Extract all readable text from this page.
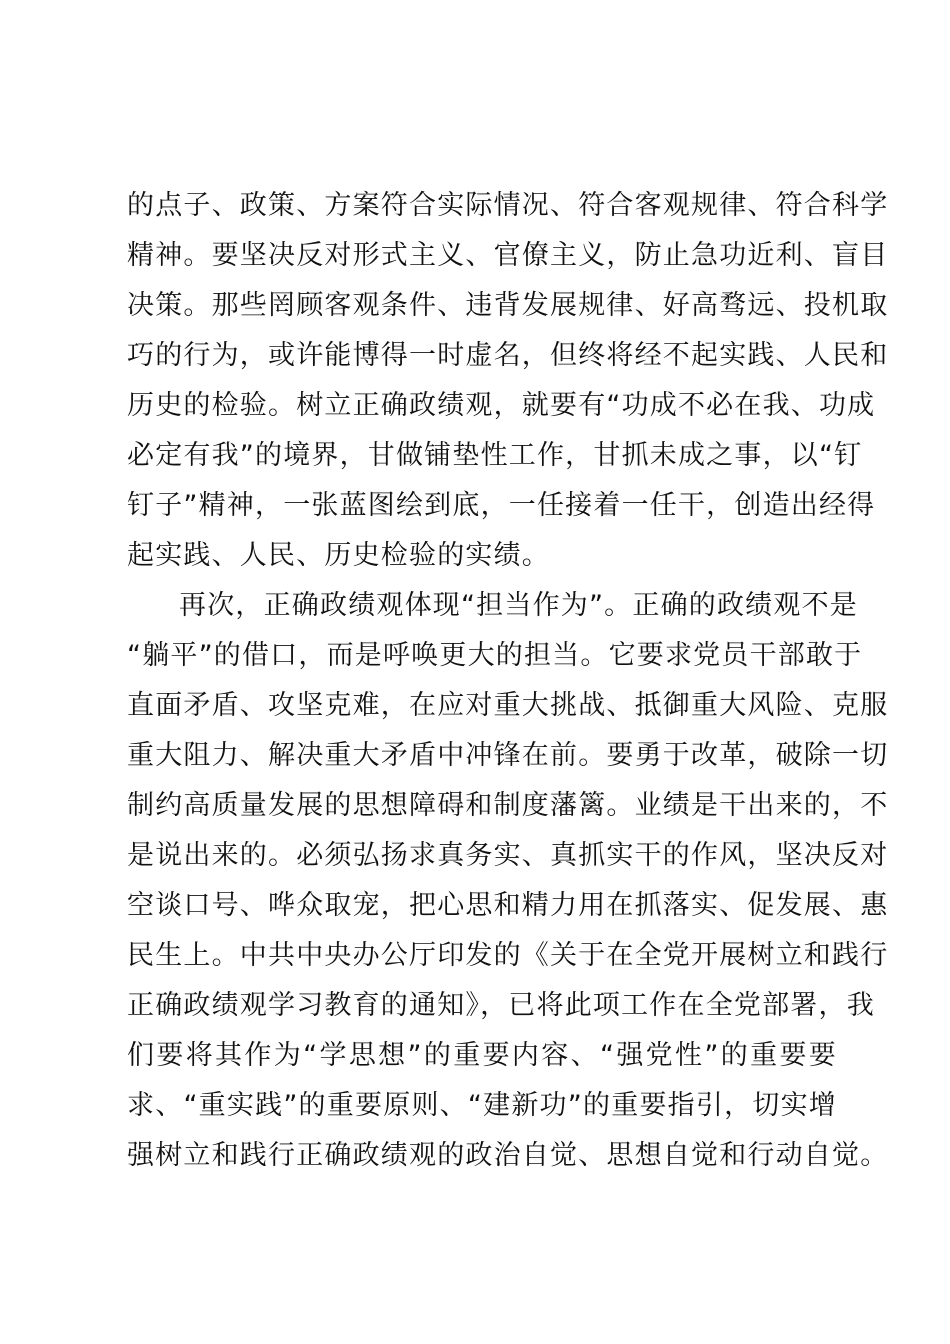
的点子、政策、方案符合实际情况、符合客观规律、符合科学
精神。要坚决反对形式主义、官僚主义，防止急功近利、盲目
决策。那些罔顾客观条件、违背发展规律、好高骛远、投机取
巧的行为，或许能博得一时虚名，但终将经不起实践、人民和
历史的检验。树立正确政绩观，就要有“功成不必在我、功成
必定有我”的境界，甘做铺垫性工作，甘抓未成之事，以“钉
钉子”精神，一张蓝图绘到底，一任接着一任干，创造出经得
起实践、人民、历史检验的实绩。
再次，正确政绩观体现“担当作为”。正确的政绩观不是
“躺平”的借口，而是呼唤更大的担当。它要求党员干部敢于
直面矛盾、攻坚克难，在应对重大挑战、抵御重大风险、克服
重大阻力、解决重大矛盾中冲锋在前。要勇于改革，破除一切
制约高质量发展的思想障碍和制度藩篱。业绩是干出来的，不
是说出来的。必须弘扬求真务实、真抓实干的作风，坚决反对
空谈口号、哗众取宠，把心思和精力用在抓落实、促发展、惠
民生上。中共中央办公厅印发的《关于在全党开展树立和践行
正确政绩观学习教育的通知》，已将此项工作在全党部署，我
们要将其作为“学思想”的重要内容、“强党性”的重要要
求、“重实践”的重要原则、“建新功”的重要指引，切实增
强树立和践行正确政绩观的政治自觉、思想自觉和行动自觉。
